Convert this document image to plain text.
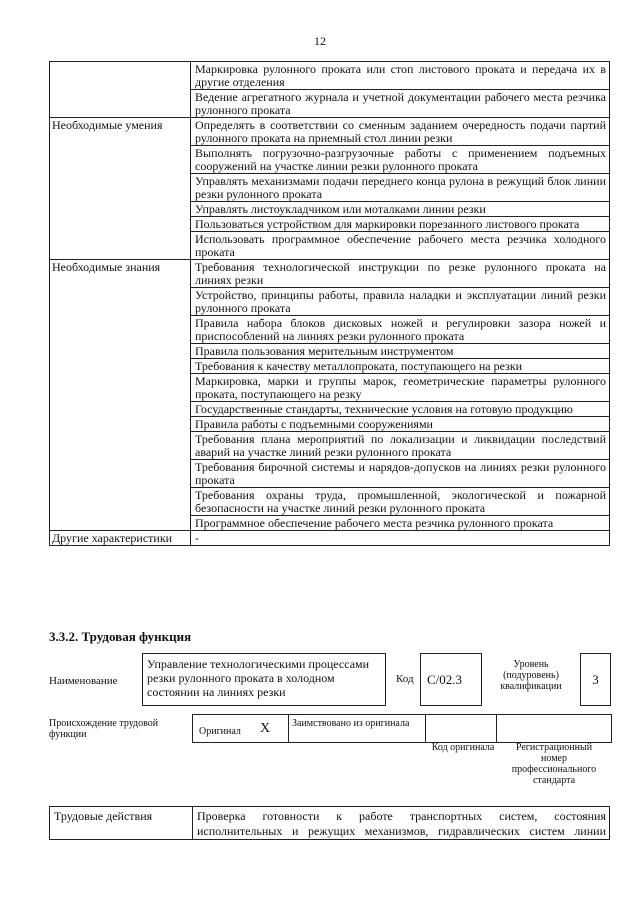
12
	Маркировка рулонного проката или стоп листового проката и передача их в другие отделения
	Ведение агрегатного журнала и учетной документации рабочего места резчика рулонного проката
Необходимые умения	Определять в соответствии со сменным заданием очередность подачи партий рулонного проката на приемный стол линии резки
	Выполнять погрузочно-разгрузочные работы с применением подъемных сооружений на участке линии резки рулонного проката
	Управлять механизмами подачи переднего конца рулона в режущий блок линии резки рулонного проката
	Управлять листоукладчиком или моталками линии резки
	Пользоваться устройством для маркировки порезанного листового проката
	Использовать программное обеспечение рабочего места резчика холодного проката
Необходимые знания	Требования технологической инструкции по резке рулонного проката на линиях резки
	Устройство, принципы работы, правила наладки и эксплуатации линий резки рулонного проката
	Правила набора блоков дисковых ножей и регулировки зазора ножей и приспособлений на линиях резки рулонного проката
	Правила пользования мерительным инструментом
	Требования к качеству металлопроката, поступающего на резки
	Маркировка, марки и группы марок, геометрические параметры рулонного проката, поступающего на резку
	Государственные стандарты, технические условия на готовую продукцию
	Правила работы с подъемными сооружениями
	Требования плана мероприятий по локализации и ликвидации последствий аварий на участке линий резки рулонного проката
	Требования бирочной системы и нарядов-допусков на линиях резки рулонного проката
	Требования охраны труда, промышленной, экологической и пожарной безопасности на участке линий резки рулонного проката
	Программное обеспечение рабочего места резчика рулонного проката
Другие характеристики	-
3.3.2. Трудовая функция
Наименование
Управление технологическими процессами резки рулонного проката в холодном состоянии на линиях резки
Код	С/02.3
Уровень (подуровень) квалификации	3
Происхождение трудовой функции	Оригинал X Заимствовано из оригинала
Код оригинала	Регистрационный номер профессионального стандарта
Трудовые действия	Проверка готовности к работе транспортных систем, состояния исполнительных и режущих механизмов, гидравлических систем линии
